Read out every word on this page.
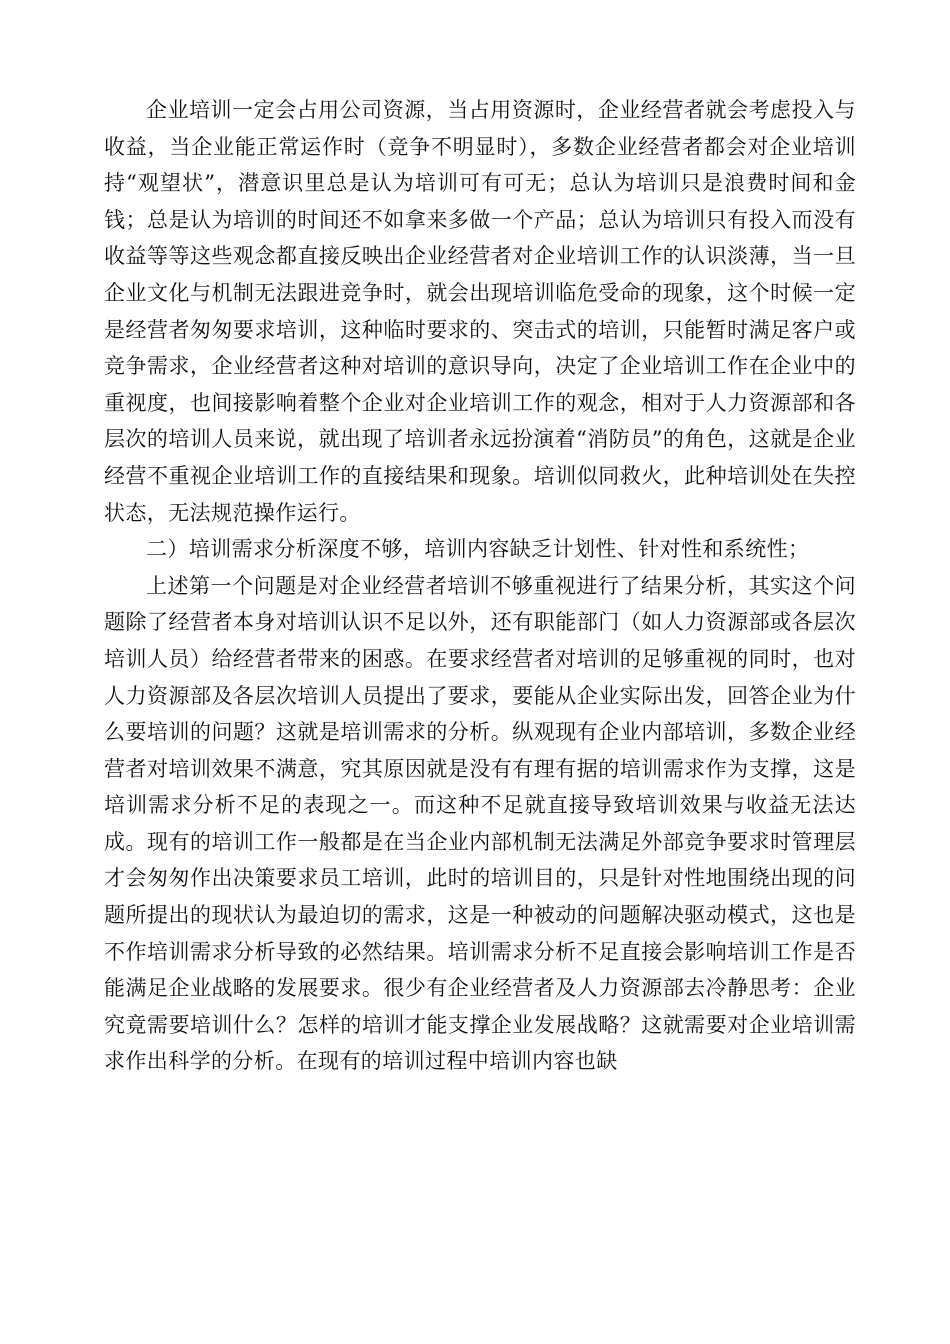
企业培训一定会占用公司资源，当占用资源时，企业经营者就会考虑投入与收益，当企业能正常运作时（竞争不明显时），多数企业经营者都会对企业培训持“观望状”，潜意识里总是认为培训可有可无；总认为培训只是浪费时间和金钱；总是认为培训的时间还不如拿来多做一个产品；总认为培训只有投入而没有收益等等这些观念都直接反映出企业经营者对企业培训工作的认识淡薄，当一旦企业文化与机制无法跟进竞争时，就会出现培训临危受命的现象，这个时候一定是经营者匆匆要求培训，这种临时要求的、突击式的培训，只能暂时满足客户或竞争需求，企业经营者这种对培训的意识导向，决定了企业培训工作在企业中的重视度，也间接影响着整个企业对企业培训工作的观念，相对于人力资源部和各层次的培训人员来说，就出现了培训者永远扮演着“消防员”的角色，这就是企业经营不重视企业培训工作的直接结果和现象。培训似同救火，此种培训处在失控状态，无法规范操作运行。

二）培训需求分析深度不够，培训内容缺乏计划性、针对性和系统性；

上述第一个问题是对企业经营者培训不够重视进行了结果分析，其实这个问题除了经营者本身对培训认识不足以外，还有职能部门（如人力资源部或各层次培训人员）给经营者带来的困惑。在要求经营者对培训的足够重视的同时，也对人力资源部及各层次培训人员提出了要求，要能从企业实际出发，回答企业为什么要培训的问题？这就是培训需求的分析。纵观现有企业内部培训，多数企业经营者对培训效果不满意，究其原因就是没有有理有据的培训需求作为支撑，这是培训需求分析不足的表现之一。而这种不足就直接导致培训效果与收益无法达成。现有的培训工作一般都是在当企业内部机制无法满足外部竞争要求时管理层才会匆匆作出决策要求员工培训，此时的培训目的，只是针对性地围绕出现的问题所提出的现状认为最迫切的需求，这是一种被动的问题解决驱动模式，这也是不作培训需求分析导致的必然结果。培训需求分析不足直接会影响培训工作是否能满足企业战略的发展要求。很少有企业经营者及人力资源部去冷静思考：企业究竟需要培训什么？怎样的培训才能支撑企业发展战略？这就需要对企业培训需求作出科学的分析。在现有的培训过程中培训内容也缺
